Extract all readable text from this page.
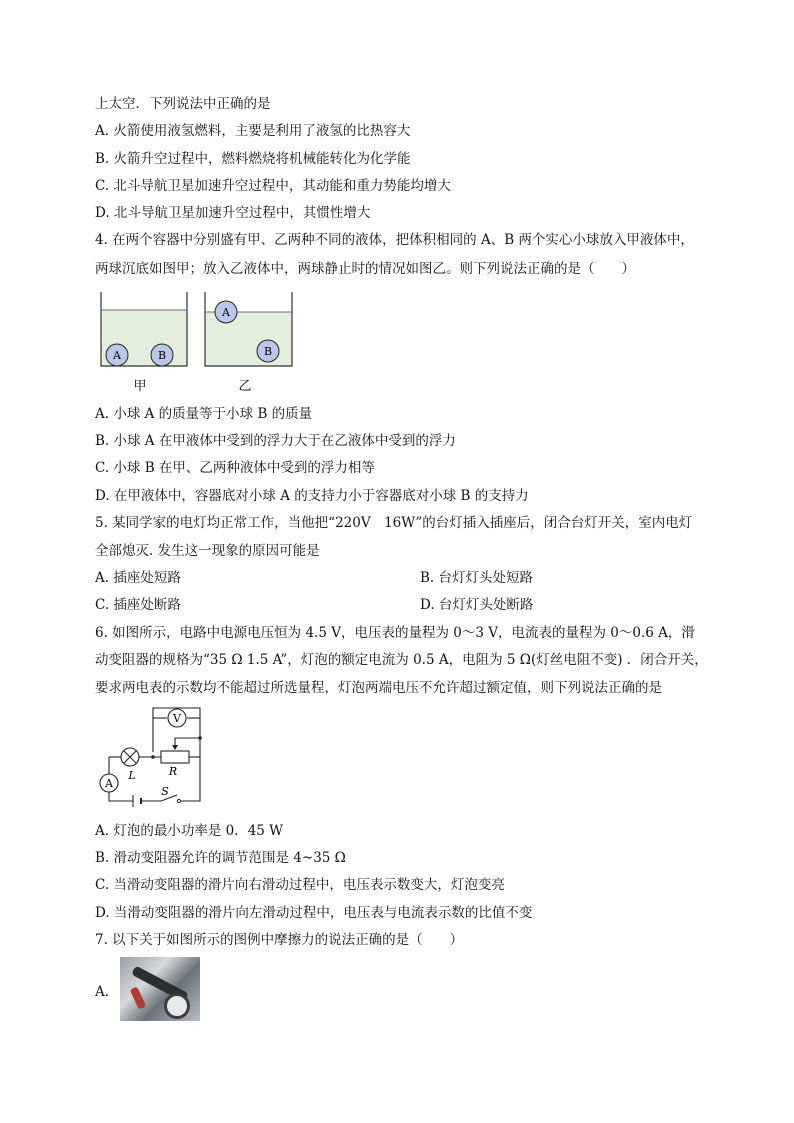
上太空．下列说法中正确的是
A. 火箭使用液氢燃料，主要是利用了液氢的比热容大
B. 火箭升空过程中，燃料燃烧将机械能转化为化学能
C. 北斗导航卫星加速升空过程中，其动能和重力势能均增大
D. 北斗导航卫星加速升空过程中，其惯性增大
4. 在两个容器中分别盛有甲、乙两种不同的液体，把体积相同的 A、B 两个实心小球放入甲液体中，
两球沉底如图甲；放入乙液体中，两球静止时的情况如图乙。则下列说法正确的是（　　）
A	B
甲
A
B
乙
A. 小球 A 的质量等于小球 B 的质量
B. 小球 A 在甲液体中受到的浮力大于在乙液体中受到的浮力
C. 小球 B 在甲、乙两种液体中受到的浮力相等
D. 在甲液体中，容器底对小球 A 的支持力小于容器底对小球 B 的支持力
5. 某同学家的电灯均正常工作，当他把“220V　16W”的台灯插入插座后，闭合台灯开关，室内电灯
全部熄灭. 发生这一现象的原因可能是
A. 插座处短路	B. 台灯灯头处短路
C. 插座处断路	D. 台灯灯头处断路
6. 如图所示，电路中电源电压恒为 4.5 V，电压表的量程为 0～3 V，电流表的量程为 0～0.6 A，滑
动变阻器的规格为“35 Ω 1.5 A”，灯泡的额定电流为 0.5 A，电阻为 5 Ω(灯丝电阻不变) ．闭合开关，
要求两电表的示数均不能超过所选量程，灯泡两端电压不允许超过额定值，则下列说法正确的是
V
L	R
A
S
A. 灯泡的最小功率是 0．45 W
B. 滑动变阻器允许的调节范围是 4~35 Ω
C. 当滑动变阻器的滑片向右滑动过程中，电压表示数变大，灯泡变亮
D. 当滑动变阻器的滑片向左滑动过程中，电压表与电流表示数的比值不变
7. 以下关于如图所示的图例中摩擦力的说法正确的是（　　）
A.
